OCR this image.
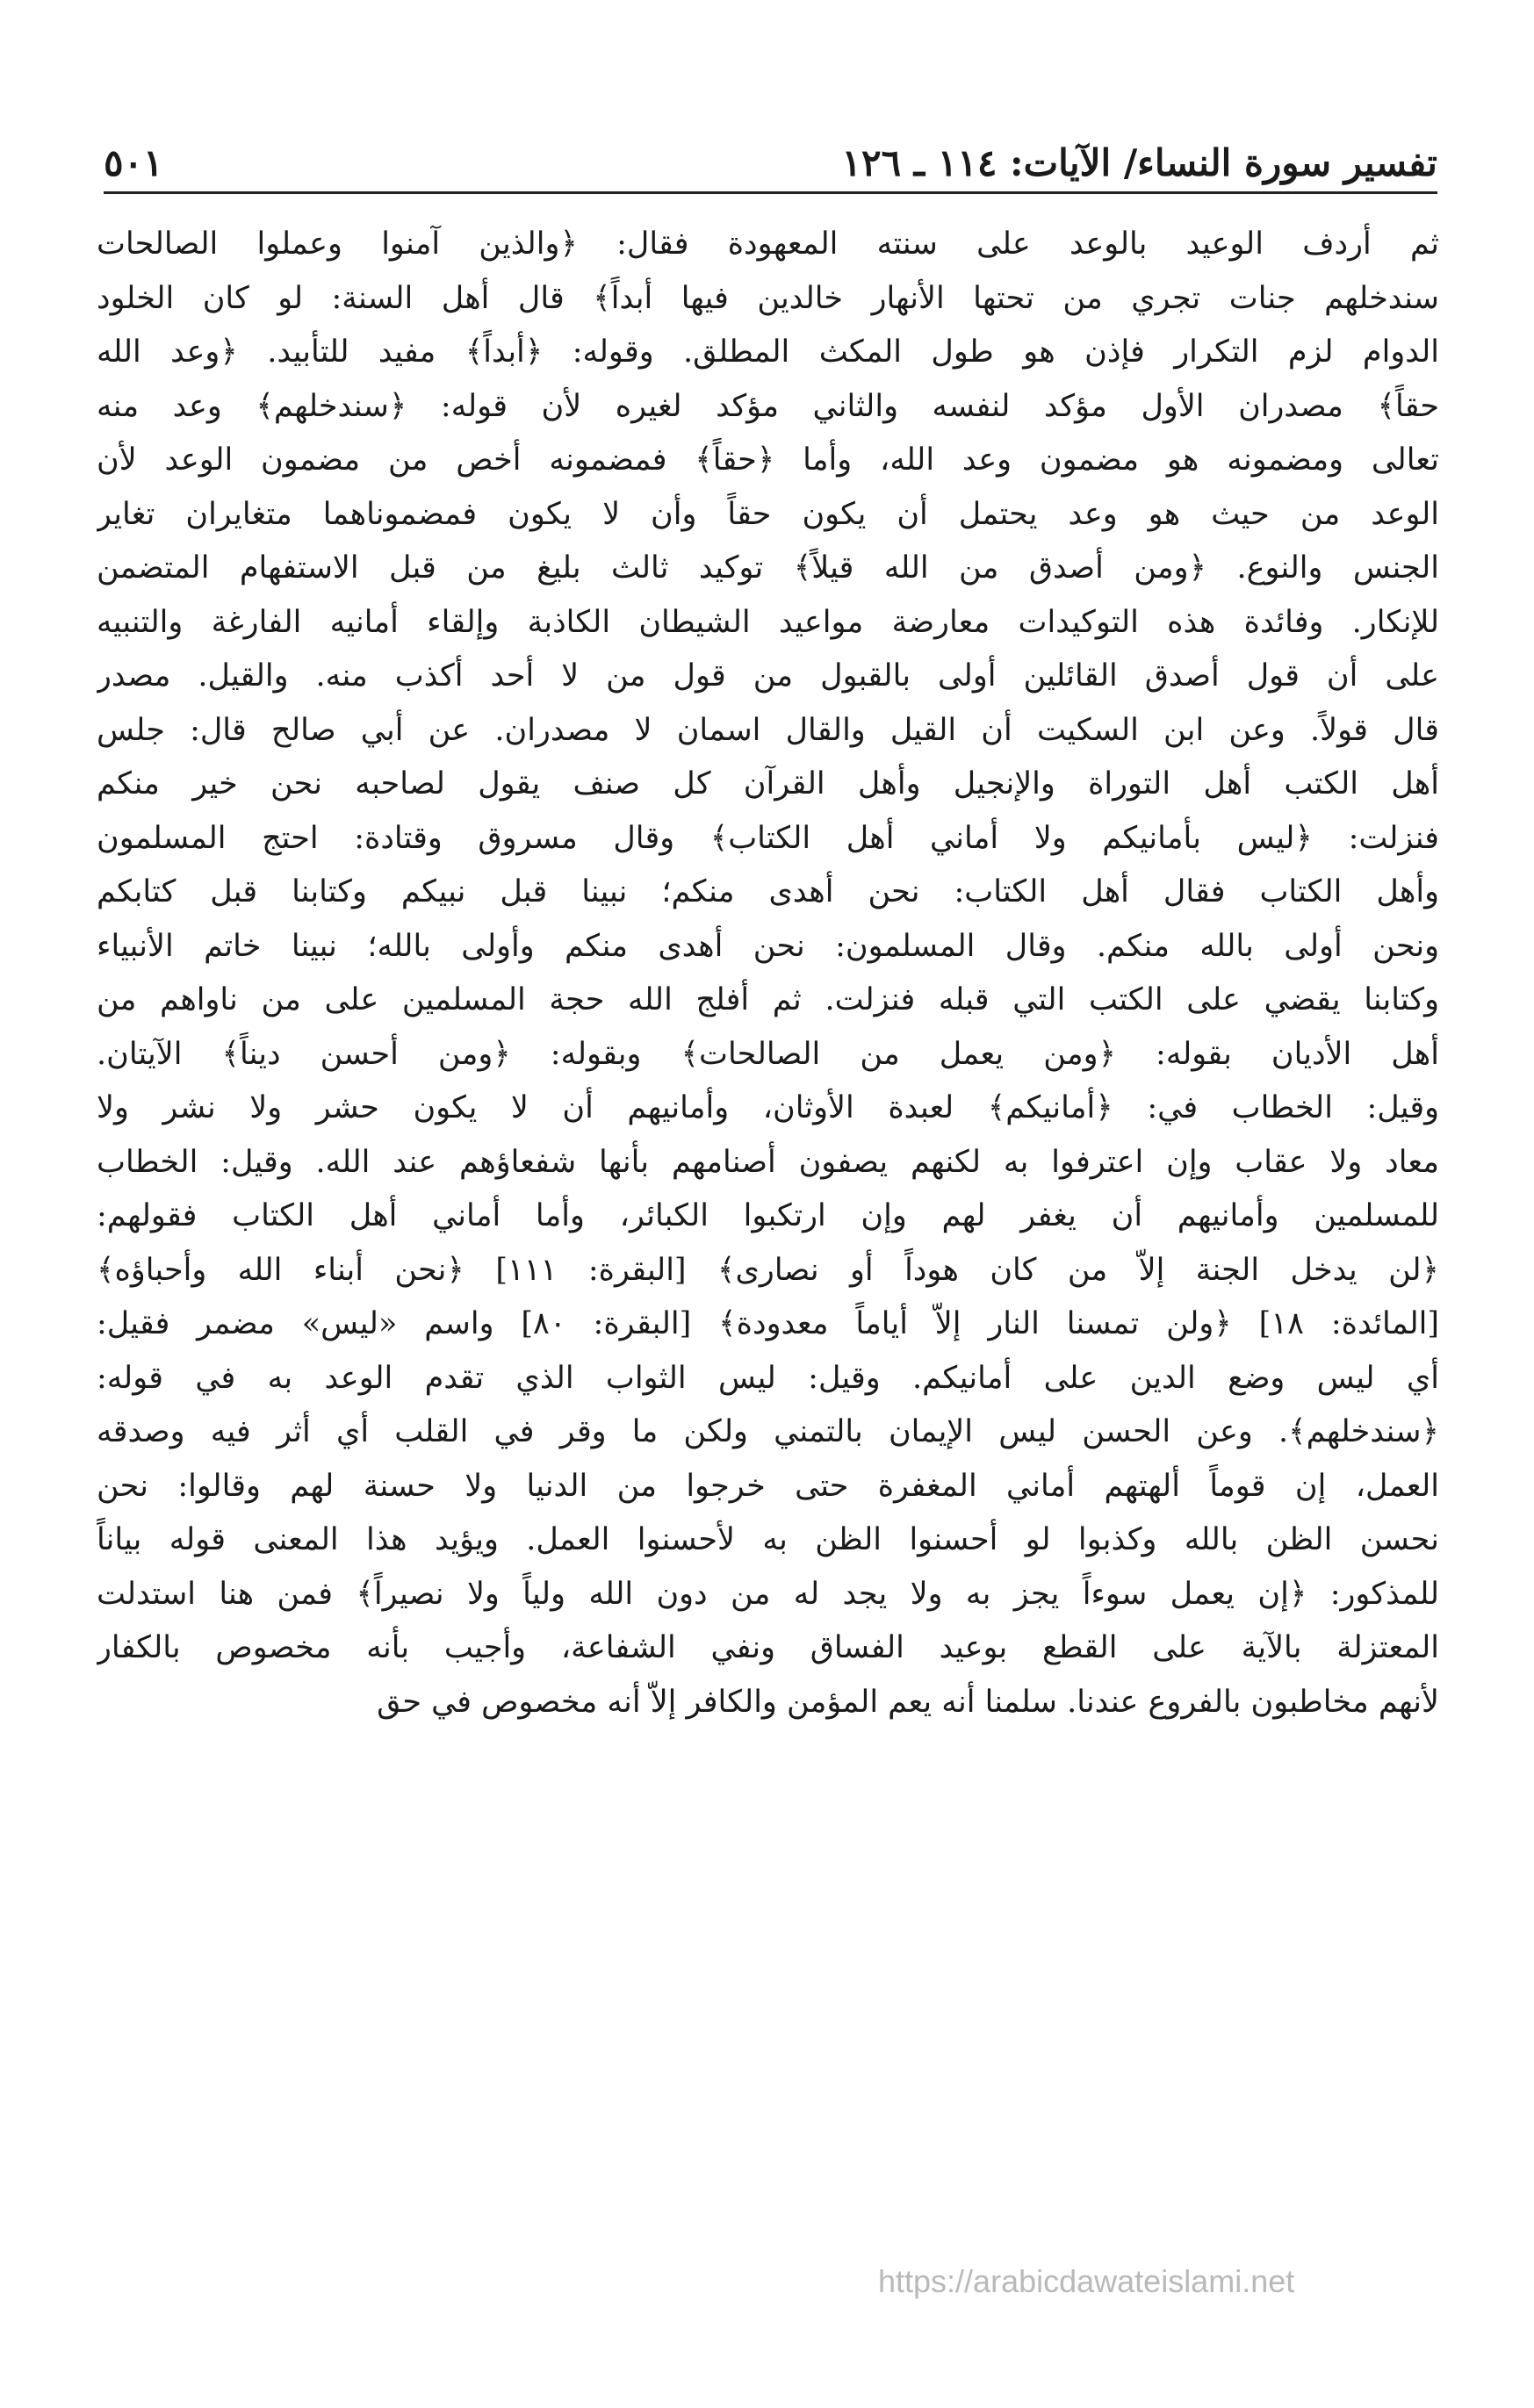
تفسير سورة النساء/ الآيات: ١١٤ ـ ١٢٦
٥٠١
ثم أردف الوعيد بالوعد على سنته المعهودة فقال: ﴿والذين آمنوا وعملوا الصالحات
سندخلهم جنات تجري من تحتها الأنهار خالدين فيها أبداً﴾ قال أهل السنة: لو كان الخلود
الدوام لزم التكرار فإذن هو طول المكث المطلق. وقوله: ﴿أبداً﴾ مفيد للتأبيد. ﴿وعد الله
حقاً﴾ مصدران الأول مؤكد لنفسه والثاني مؤكد لغيره لأن قوله: ﴿سندخلهم﴾ وعد منه
تعالى ومضمونه هو مضمون وعد الله، وأما ﴿حقاً﴾ فمضمونه أخص من مضمون الوعد لأن
الوعد من حيث هو وعد يحتمل أن يكون حقاً وأن لا يكون فمضموناهما متغايران تغاير
الجنس والنوع. ﴿ومن أصدق من الله قيلاً﴾ توكيد ثالث بليغ من قبل الاستفهام المتضمن
للإنكار. وفائدة هذه التوكيدات معارضة مواعيد الشيطان الكاذبة وإلقاء أمانيه الفارغة والتنبيه
على أن قول أصدق القائلين أولى بالقبول من قول من لا أحد أكذب منه. والقيل. مصدر
قال قولاً. وعن ابن السكيت أن القيل والقال اسمان لا مصدران. عن أبي صالح قال: جلس
أهل الكتب أهل التوراة والإنجيل وأهل القرآن كل صنف يقول لصاحبه نحن خير منكم
فنزلت: ﴿ليس بأمانيكم ولا أماني أهل الكتاب﴾ وقال مسروق وقتادة: احتج المسلمون
وأهل الكتاب فقال أهل الكتاب: نحن أهدى منكم؛ نبينا قبل نبيكم وكتابنا قبل كتابكم
ونحن أولى بالله منكم. وقال المسلمون: نحن أهدى منكم وأولى بالله؛ نبينا خاتم الأنبياء
وكتابنا يقضي على الكتب التي قبله فنزلت. ثم أفلج الله حجة المسلمين على من ناواهم من
أهل الأديان بقوله: ﴿ومن يعمل من الصالحات﴾ وبقوله: ﴿ومن أحسن ديناً﴾ الآيتان.
وقيل: الخطاب في: ﴿أمانيكم﴾ لعبدة الأوثان، وأمانيهم أن لا يكون حشر ولا نشر ولا
معاد ولا عقاب وإن اعترفوا به لكنهم يصفون أصنامهم بأنها شفعاؤهم عند الله. وقيل: الخطاب
للمسلمين وأمانيهم أن يغفر لهم وإن ارتكبوا الكبائر، وأما أماني أهل الكتاب فقولهم:
﴿لن يدخل الجنة إلاّ من كان هوداً أو نصارى﴾ [البقرة: ١١١] ﴿نحن أبناء الله وأحباؤه﴾
[المائدة: ١٨] ﴿ولن تمسنا النار إلاّ أياماً معدودة﴾ [البقرة: ٨٠] واسم «ليس» مضمر فقيل:
أي ليس وضع الدين على أمانيكم. وقيل: ليس الثواب الذي تقدم الوعد به في قوله:
﴿سندخلهم﴾. وعن الحسن ليس الإيمان بالتمني ولكن ما وقر في القلب أي أثر فيه وصدقه
العمل، إن قوماً ألهتهم أماني المغفرة حتى خرجوا من الدنيا ولا حسنة لهم وقالوا: نحن
نحسن الظن بالله وكذبوا لو أحسنوا الظن به لأحسنوا العمل. ويؤيد هذا المعنى قوله بياناً
للمذكور: ﴿إن يعمل سوءاً يجز به ولا يجد له من دون الله ولياً ولا نصيراً﴾ فمن هنا استدلت
المعتزلة بالآية على القطع بوعيد الفساق ونفي الشفاعة، وأجيب بأنه مخصوص بالكفار
لأنهم مخاطبون بالفروع عندنا. سلمنا أنه يعم المؤمن والكافر إلاّ أنه مخصوص في حق
https://arabicdawateislami.net
